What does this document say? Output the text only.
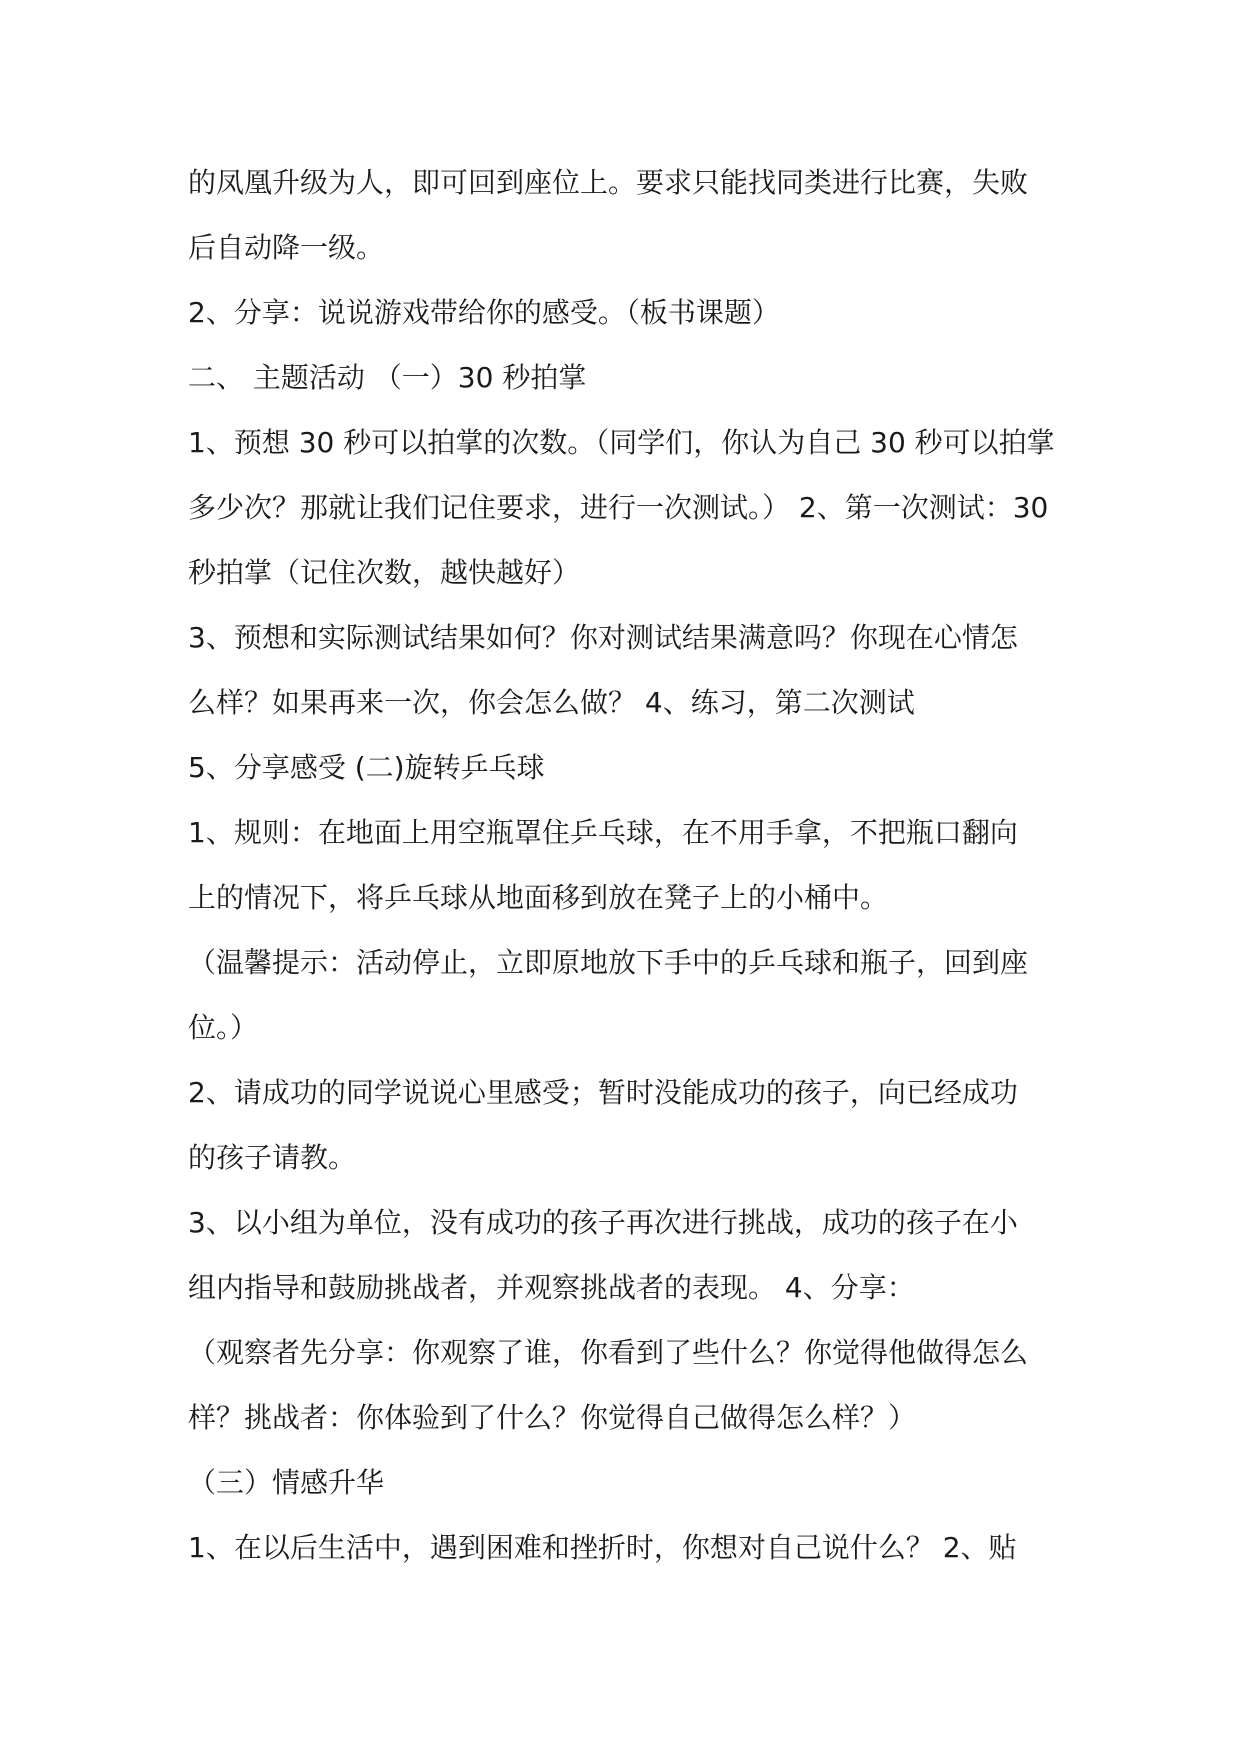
的凤凰升级为人，即可回到座位上。要求只能找同类进行比赛，失败
后自动降一级。
2、分享：说说游戏带给你的感受。（板书课题）
二、 主题活动 （一）30 秒拍掌
1、预想 30 秒可以拍掌的次数。（同学们，你认为自己 30 秒可以拍掌
多少次？那就让我们记住要求，进行一次测试。） 2、第一次测试：30
秒拍掌（记住次数，越快越好）
3、预想和实际测试结果如何？你对测试结果满意吗？你现在心情怎
么样？如果再来一次，你会怎么做？ 4、练习，第二次测试
5、分享感受 (二)旋转乒乓球
1、规则：在地面上用空瓶罩住乒乓球，在不用手拿，不把瓶口翻向
上的情况下，将乒乓球从地面移到放在凳子上的小桶中。
（温馨提示：活动停止，立即原地放下手中的乒乓球和瓶子，回到座
位。）
2、请成功的同学说说心里感受；暂时没能成功的孩子，向已经成功
的孩子请教。
3、以小组为单位，没有成功的孩子再次进行挑战，成功的孩子在小
组内指导和鼓励挑战者，并观察挑战者的表现。 4、分享：
（观察者先分享：你观察了谁，你看到了些什么？你觉得他做得怎么
样？挑战者：你体验到了什么？你觉得自己做得怎么样？）
（三）情感升华
1、在以后生活中，遇到困难和挫折时，你想对自己说什么？ 2、贴
